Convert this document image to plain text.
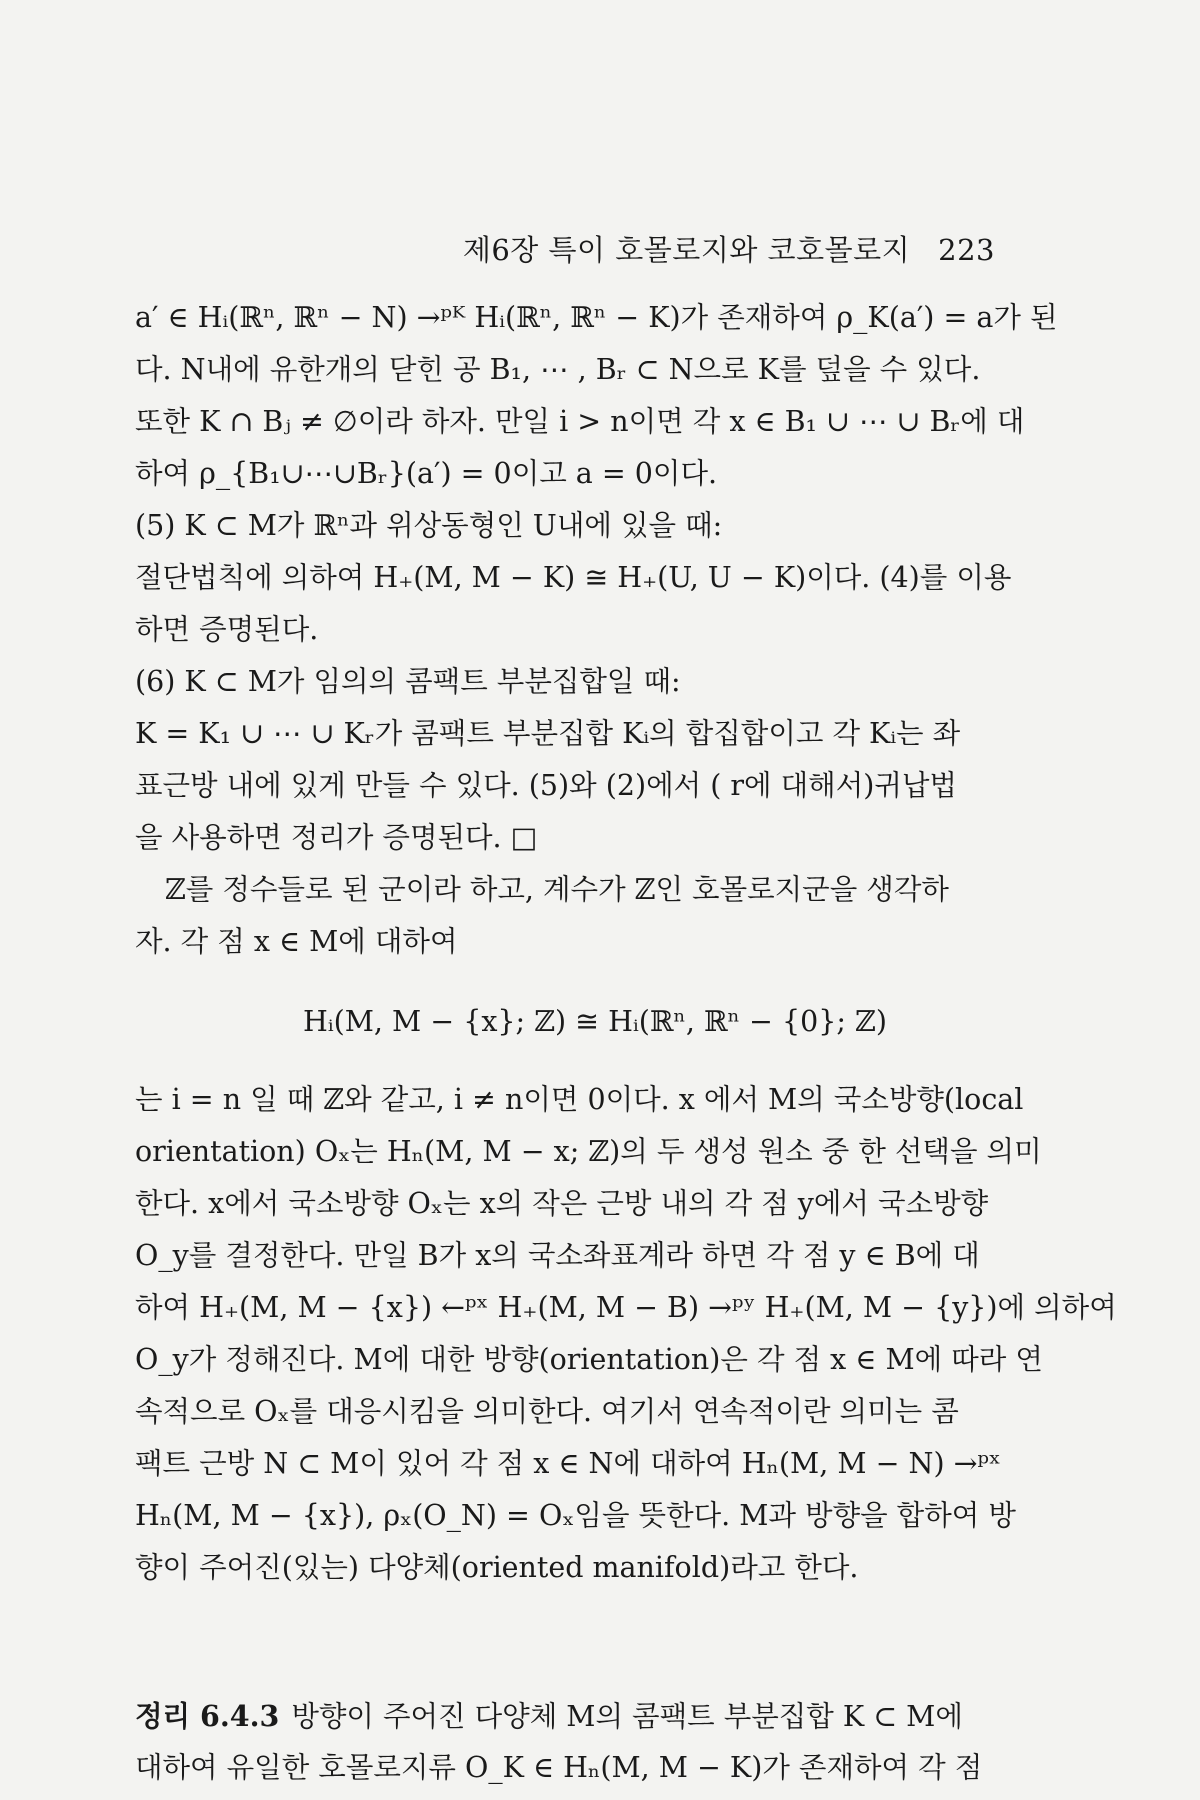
제6장 특이 호몰로지와 코호몰로지 223
a′ ∈ Hᵢ(ℝⁿ, ℝⁿ − N) →ᵖᴷ Hᵢ(ℝⁿ, ℝⁿ − K)가 존재하여 ρ_K(a′) = a가 된
다. N내에 유한개의 닫힌 공 B₁, ⋯ , Bᵣ ⊂ N으로 K를 덮을 수 있다.
또한 K ∩ Bⱼ ≠ ∅이라 하자. 만일 i > n이면 각 x ∈ B₁ ∪ ⋯ ∪ Bᵣ에 대
하여 ρ_{B₁∪⋯∪Bᵣ}(a′) = 0이고 a = 0이다.
(5) K ⊂ M가 ℝⁿ과 위상동형인 U내에 있을 때:
절단법칙에 의하여 H₊(M, M − K) ≅ H₊(U, U − K)이다. (4)를 이용
하면 증명된다.
(6) K ⊂ M가 임의의 콤팩트 부분집합일 때:
K = K₁ ∪ ⋯ ∪ Kᵣ가 콤팩트 부분집합 Kᵢ의 합집합이고 각 Kᵢ는 좌
표근방 내에 있게 만들 수 있다. (5)와 (2)에서 ( r에 대해서)귀납법
을 사용하면 정리가 증명된다. □
ℤ를 정수들로 된 군이라 하고, 계수가 ℤ인 호몰로지군을 생각하
자. 각 점 x ∈ M에 대하여
Hᵢ(M, M − {x}; ℤ) ≅ Hᵢ(ℝⁿ, ℝⁿ − {0}; ℤ)
는 i = n 일 때 ℤ와 같고, i ≠ n이면 0이다. x 에서 M의 국소방향(local
orientation) Oₓ는 Hₙ(M, M − x; ℤ)의 두 생성 원소 중 한 선택을 의미
한다. x에서 국소방향 Oₓ는 x의 작은 근방 내의 각 점 y에서 국소방향
O_y를 결정한다. 만일 B가 x의 국소좌표계라 하면 각 점 y ∈ B에 대
하여 H₊(M, M − {x}) ←ᵖˣ H₊(M, M − B) →ᵖʸ H₊(M, M − {y})에 의하여
O_y가 정해진다. M에 대한 방향(orientation)은 각 점 x ∈ M에 따라 연
속적으로 Oₓ를 대응시킴을 의미한다. 여기서 연속적이란 의미는 콤
팩트 근방 N ⊂ M이 있어 각 점 x ∈ N에 대하여 Hₙ(M, M − N) →ᵖˣ
Hₙ(M, M − {x}), ρₓ(O_N) = Oₓ임을 뜻한다. M과 방향을 합하여 방
향이 주어진(있는) 다양체(oriented manifold)라고 한다.
정리 6.4.3 방향이 주어진 다양체 M의 콤팩트 부분집합 K ⊂ M에
대하여 유일한 호몰로지류 O_K ∈ Hₙ(M, M − K)가 존재하여 각 점
